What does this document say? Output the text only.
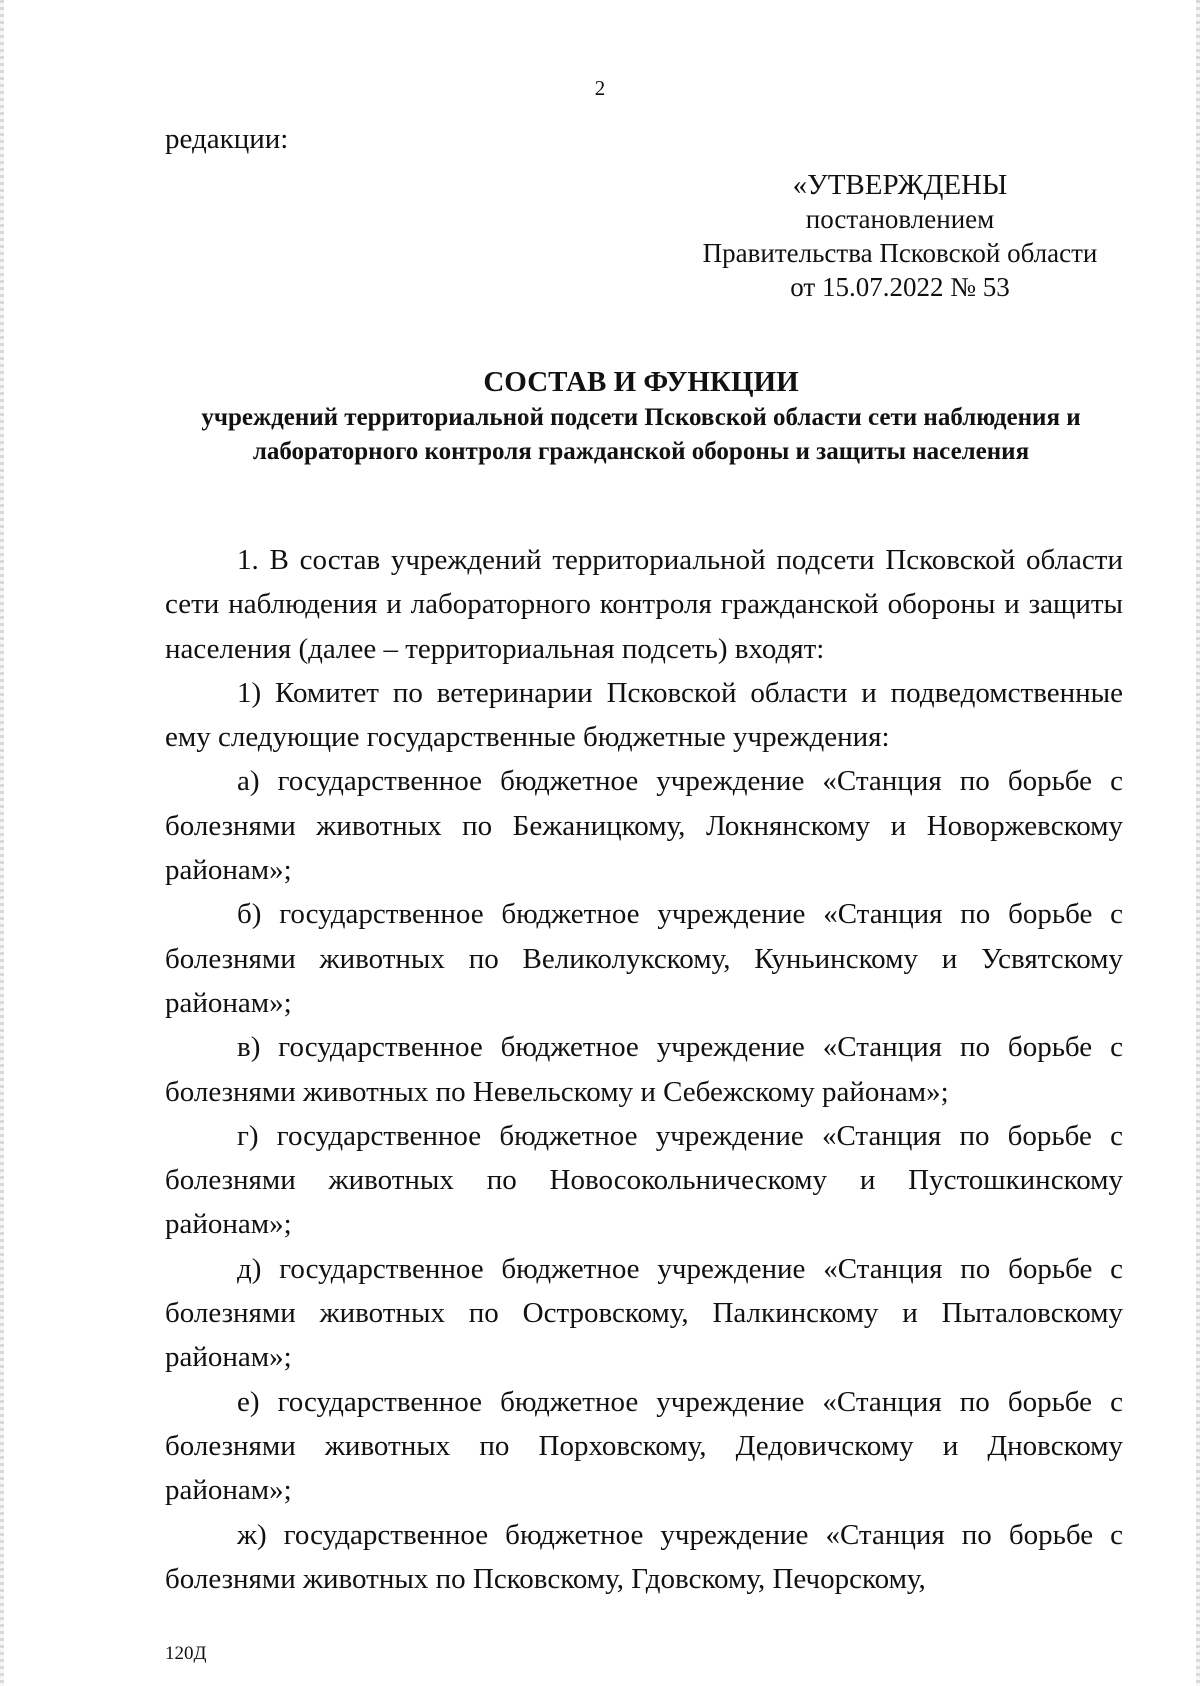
2
редакции:
«УТВЕРЖДЕНЫ
постановлением
Правительства Псковской области
от 15.07.2022 № 53
СОСТАВ И ФУНКЦИИ
учреждений территориальной подсети Псковской области сети наблюдения и лабораторного контроля гражданской обороны и защиты населения

1. В состав учреждений территориальной подсети Псковской области сети наблюдения и лабораторного контроля гражданской обороны и защиты населения (далее – территориальная подсеть) входят:

1) Комитет по ветеринарии Псковской области и подведомственные ему следующие государственные бюджетные учреждения:

а) государственное бюджетное учреждение «Станция по борьбе с болезнями животных по Бежаницкому, Локнянскому и Новоржевскому районам»;

б) государственное бюджетное учреждение «Станция по борьбе с болезнями животных по Великолукскому, Куньинскому и Усвятскому районам»;

в) государственное бюджетное учреждение «Станция по борьбе с болезнями животных по Невельскому и Себежскому районам»;

г) государственное бюджетное учреждение «Станция по борьбе с болезнями животных по Новосокольническому и Пустошкинскому районам»;

д) государственное бюджетное учреждение «Станция по борьбе с болезнями животных по Островскому, Палкинскому и Пыталовскому районам»;

е) государственное бюджетное учреждение «Станция по борьбе с болезнями животных по Порховскому, Дедовичскому и Дновскому районам»;

ж) государственное бюджетное учреждение «Станция по борьбе с болезнями животных по Псковскому, Гдовскому, Печорскому,

120Д
